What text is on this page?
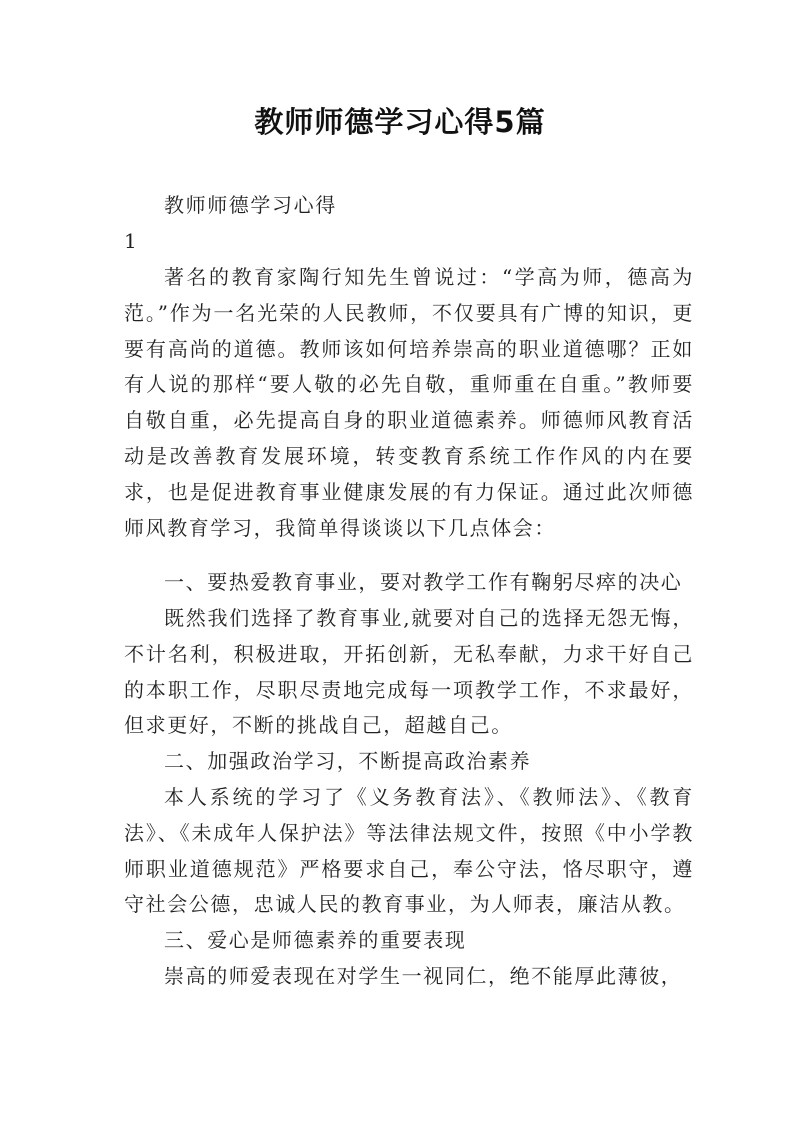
教师师德学习心得5篇
教师师德学习心得
1

著名的教育家陶行知先生曾说过：“学高为师，德高为范。”作为一名光荣的人民教师，不仅要具有广博的知识，更要有高尚的道德。教师该如何培养崇高的职业道德哪？正如有人说的那样“要人敬的必先自敬，重师重在自重。”教师要自敬自重，必先提高自身的职业道德素养。师德师风教育活动是改善教育发展环境，转变教育系统工作作风的内在要求，也是促进教育事业健康发展的有力保证。通过此次师德师风教育学习，我简单得谈谈以下几点体会：

一、要热爱教育事业，要对教学工作有鞠躬尽瘁的决心

既然我们选择了教育事业,就要对自己的选择无怨无悔，不计名利，积极进取，开拓创新，无私奉献，力求干好自己的本职工作，尽职尽责地完成每一项教学工作，不求最好，但求更好，不断的挑战自己，超越自己。

二、加强政治学习，不断提高政治素养

本人系统的学习了《义务教育法》、《教师法》、《教育法》、《未成年人保护法》等法律法规文件，按照《中小学教师职业道德规范》严格要求自己，奉公守法，恪尽职守，遵守社会公德，忠诚人民的教育事业，为人师表，廉洁从教。

三、爱心是师德素养的重要表现

崇高的师爱表现在对学生一视同仁，绝不能厚此薄彼，
